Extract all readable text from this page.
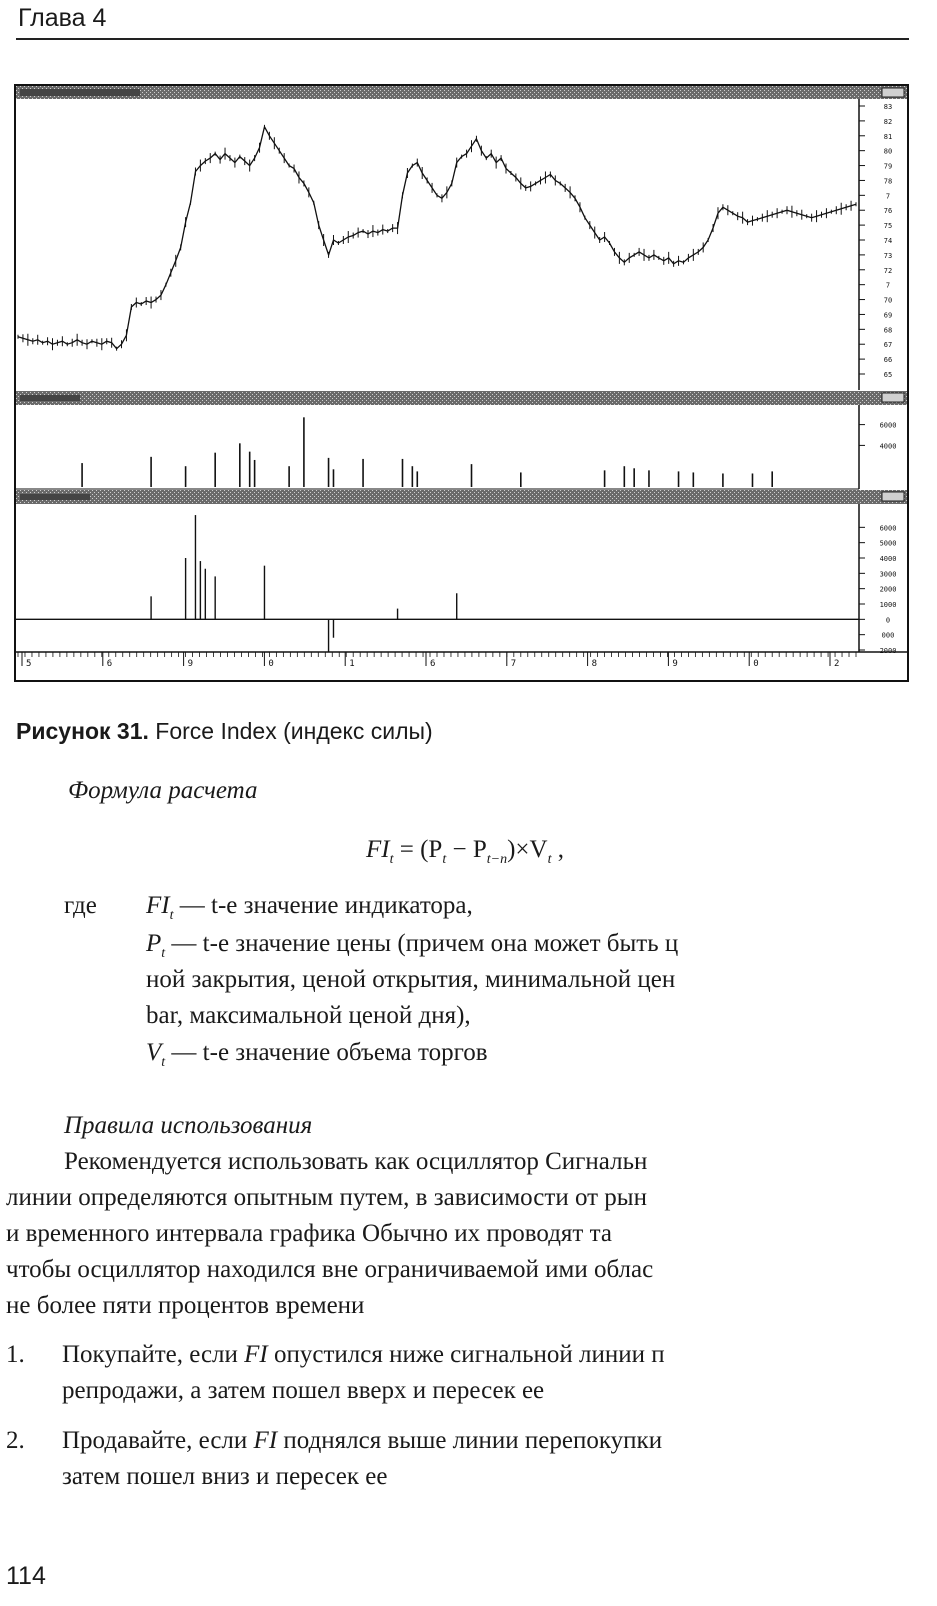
Глава 4
83
82
81
80
79
78
7
76
75
74
73
72
7
70
69
68
67
66
65
6000
4000
6000
5000
4000
3000
2000
1000
0
000
2000
5	6	9	0	1	6	7	8	9	0	2
Рисунок 31. Force Index (индекс силы)
Формула расчета
$FI_t = (P_t - P_{t-n})\times V_t$ ,
где $FI_t$ — t-е значение индикатора,
$P_t$ — t-е значение цены (причем она может быть ц
ной закрытия, ценой открытия, минимальной цен
bar, максимальной ценой дня),
$V_t$ — t-е значение объема торгов
Правила использования
Рекомендуется использовать как осциллятор Сигнальн
линии определяются опытным путем, в зависимости от рын
и временного интервала графика Обычно их проводят та
чтобы осциллятор находился вне ограничиваемой ими облас
не более пяти процентов времени
1. Покупайте, если FI опустился ниже сигнальной линии п
репродажи, а затем пошел вверх и пересек ее
2. Продавайте, если FI поднялся выше линии перепокупки
затем пошел вниз и пересек ее
114
